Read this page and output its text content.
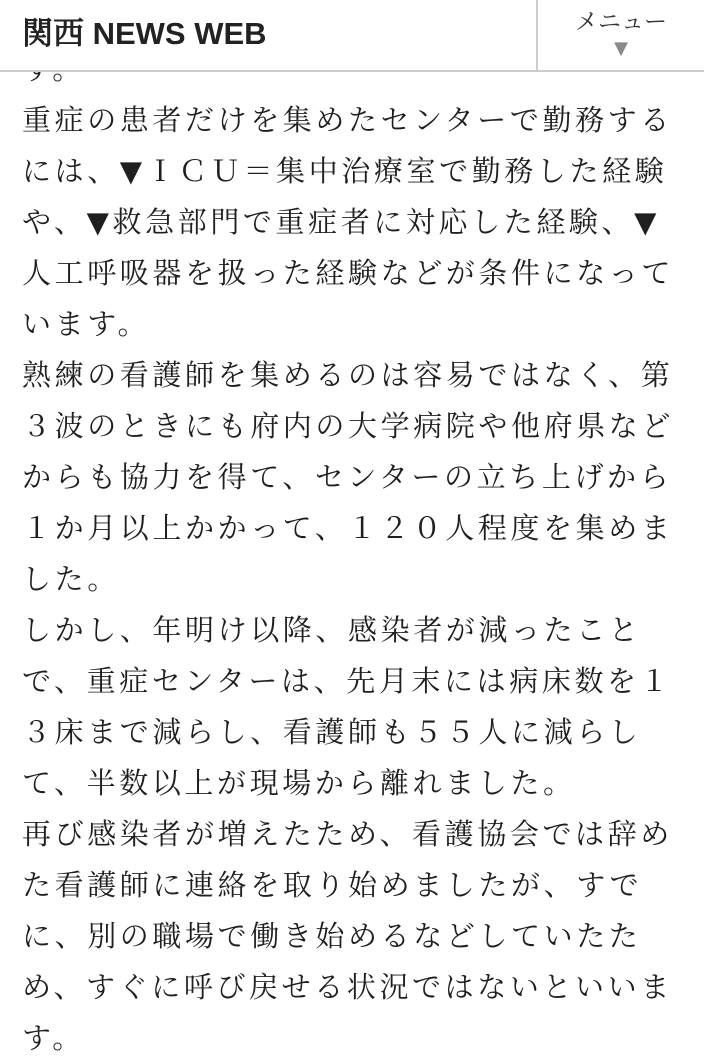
関西 NEWS WEB	メニュー
▼

重症の患者だけを集めたセンターで勤務する
には、▼ＩＣＵ＝集中治療室で勤務した経験
や、▼救急部門で重症者に対応した経験、▼
人工呼吸器を扱った経験などが条件になって
います。

熟練の看護師を集めるのは容易ではなく、第
３波のときにも府内の大学病院や他府県など
からも協力を得て、センターの立ち上げから
１か月以上かかって、１２０人程度を集めま
した。

しかし、年明け以降、感染者が減ったこと
で、重症センターは、先月末には病床数を１
３床まで減らし、看護師も５５人に減らし
て、半数以上が現場から離れました。

再び感染者が増えたため、看護協会では辞め
た看護師に連絡を取り始めましたが、すで
に、別の職場で働き始めるなどしていたた
め、すぐに呼び戻せる状況ではないといいま
す。
